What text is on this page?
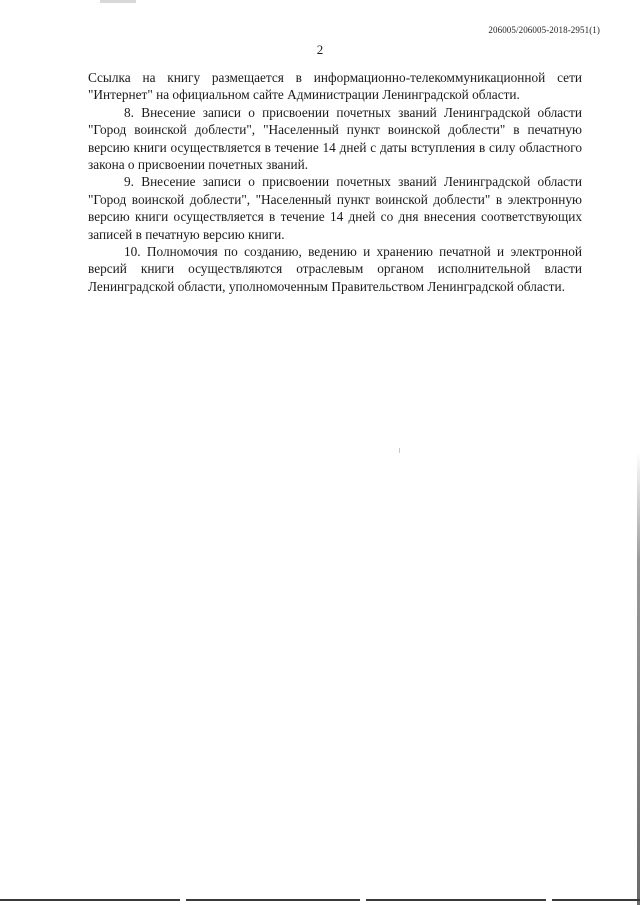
206005/206005-2018-2951(1)
2

Ссылка на книгу размещается в информационно-телекоммуникационной сети "Интернет" на официальном сайте Администрации Ленинградской области.

8. Внесение записи о присвоении почетных званий Ленинградской области "Город воинской доблести", "Населенный пункт воинской доблести" в печатную версию книги осуществляется в течение 14 дней с даты вступления в силу областного закона о присвоении почетных званий.

9. Внесение записи о присвоении почетных званий Ленинградской области "Город воинской доблести", "Населенный пункт воинской доблести" в электронную версию книги осуществляется в течение 14 дней со дня внесения соответствующих записей в печатную версию книги.

10. Полномочия по созданию, ведению и хранению печатной и электронной версий книги осуществляются отраслевым органом исполнительной власти Ленинградской области, уполномоченным Правительством Ленинградской области.
